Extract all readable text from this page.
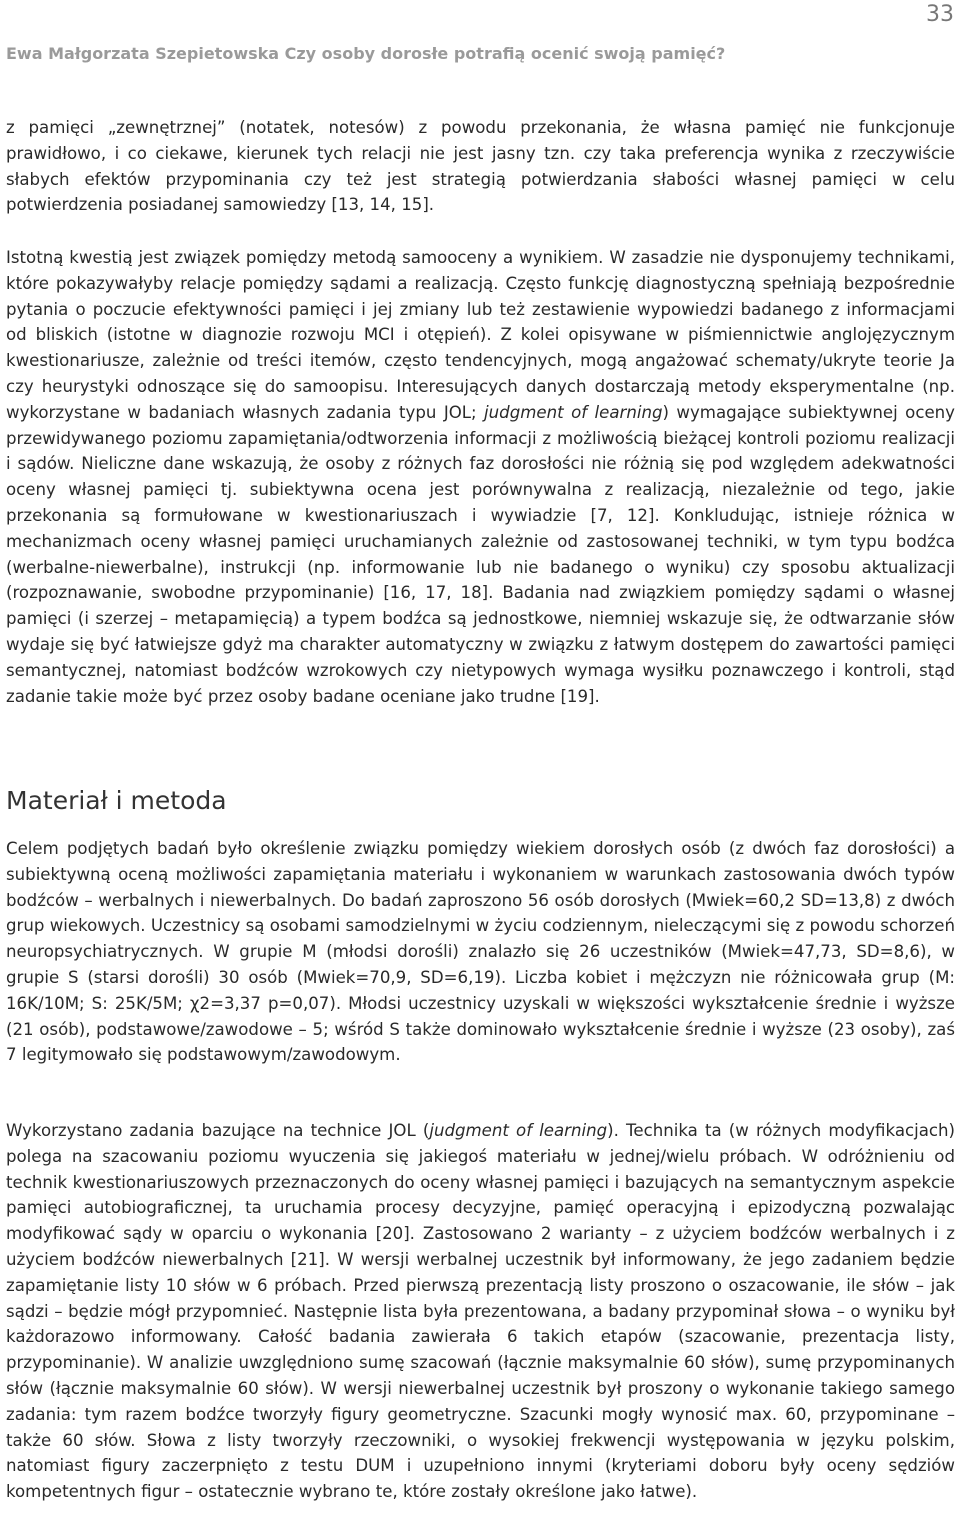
33
Ewa Małgorzata Szepietowska Czy osoby dorosłe potrafią ocenić swoją pamięć?

z pamięci „zewnętrznej” (notatek, notesów) z powodu przekonania, że własna pamięć nie funkcjonuje prawidłowo, i co ciekawe, kierunek tych relacji nie jest jasny tzn. czy taka preferencja wynika z rzeczywiście słabych efektów przypominania czy też jest strategią potwierdzania słabości własnej pamięci w celu potwierdzenia posiadanej samowiedzy [13, 14, 15].

Istotną kwestią jest związek pomiędzy metodą samooceny a wynikiem. W zasadzie nie dysponujemy technikami, które pokazywałyby relacje pomiędzy sądami a realizacją. Często funkcję diagnostyczną spełniają bezpośrednie pytania o poczucie efektywności pamięci i jej zmiany lub też zestawienie wypowiedzi badanego z informacjami od bliskich (istotne w diagnozie rozwoju MCI i otępień). Z kolei opisywane w piśmiennictwie anglojęzycznym kwestionariusze, zależnie od treści itemów, często tendencyjnych, mogą angażować schematy/ukryte teorie Ja czy heurystyki odnoszące się do samoopisu. Interesujących danych dostarczają metody eksperymentalne (np. wykorzystane w badaniach własnych zadania typu JOL; judgment of learning) wymagające subiektywnej oceny przewidywanego poziomu zapamiętania/odtworzenia informacji z możliwością bieżącej kontroli poziomu realizacji i sądów. Nieliczne dane wskazują, że osoby z różnych faz dorosłości nie różnią się pod względem adekwatności oceny własnej pamięci tj. subiektywna ocena jest porównywalna z realizacją, niezależnie od tego, jakie przekonania są formułowane w kwestionariuszach i wywiadzie [7, 12]. Konkludując, istnieje różnica w mechanizmach oceny własnej pamięci uruchamianych zależnie od zastosowanej techniki, w tym typu bodźca (werbalne-niewerbalne), instrukcji (np. informowanie lub nie badanego o wyniku) czy sposobu aktualizacji (rozpoznawanie, swobodne przypominanie) [16, 17, 18]. Badania nad związkiem pomiędzy sądami o własnej pamięci (i szerzej – metapamięcią) a typem bodźca są jednostkowe, niemniej wskazuje się, że odtwarzanie słów wydaje się być łatwiejsze gdyż ma charakter automatyczny w związku z łatwym dostępem do zawartości pamięci semantycznej, natomiast bodźców wzrokowych czy nietypowych wymaga wysiłku poznawczego i kontroli, stąd zadanie takie może być przez osoby badane oceniane jako trudne [19].

Materiał i metoda

Celem podjętych badań było określenie związku pomiędzy wiekiem dorosłych osób (z dwóch faz dorosłości) a subiektywną oceną możliwości zapamiętania materiału i wykonaniem w warunkach zastosowania dwóch typów bodźców – werbalnych i niewerbalnych. Do badań zaproszono 56 osób dorosłych (Mwiek=60,2 SD=13,8) z dwóch grup wiekowych. Uczestnicy są osobami samodzielnymi w życiu codziennym, nieleczącymi się z powodu schorzeń neuropsychiatrycznych. W grupie M (młodsi dorośli) znalazło się 26 uczestników (Mwiek=47,73, SD=8,6), w grupie S (starsi dorośli) 30 osób (Mwiek=70,9, SD=6,19). Liczba kobiet i mężczyzn nie różnicowała grup (M: 16K/10M; S: 25K/5M; χ2=3,37 p=0,07). Młodsi uczestnicy uzyskali w większości wykształcenie średnie i wyższe (21 osób), podstawowe/zawodowe – 5; wśród S także dominowało wykształcenie średnie i wyższe (23 osoby), zaś 7 legitymowało się podstawowym/zawodowym.

Wykorzystano zadania bazujące na technice JOL (judgment of learning). Technika ta (w różnych modyfikacjach) polega na szacowaniu poziomu wyuczenia się jakiegoś materiału w jednej/wielu próbach. W odróżnieniu od technik kwestionariuszowych przeznaczonych do oceny własnej pamięci i bazujących na semantycznym aspekcie pamięci autobiograficznej, ta uruchamia procesy decyzyjne, pamięć operacyjną i epizodyczną pozwalając modyfikować sądy w oparciu o wykonania [20]. Zastosowano 2 warianty – z użyciem bodźców werbalnych i z użyciem bodźców niewerbalnych [21]. W wersji werbalnej uczestnik był informowany, że jego zadaniem będzie zapamiętanie listy 10 słów w 6 próbach. Przed pierwszą prezentacją listy proszono o oszacowanie, ile słów – jak sądzi – będzie mógł przypomnieć. Następnie lista była prezentowana, a badany przypominał słowa – o wyniku był każdorazowo informowany. Całość badania zawierała 6 takich etapów (szacowanie, prezentacja listy, przypominanie). W analizie uwzględniono sumę szacowań (łącznie maksymalnie 60 słów), sumę przypominanych słów (łącznie maksymalnie 60 słów). W wersji niewerbalnej uczestnik był proszony o wykonanie takiego samego zadania: tym razem bodźce tworzyły figury geometryczne. Szacunki mogły wynosić max. 60, przypominane – także 60 słów. Słowa z listy tworzyły rzeczowniki, o wysokiej frekwencji występowania w języku polskim, natomiast figury zaczerpnięto z testu DUM i uzupełniono innymi (kryteriami doboru były oceny sędziów kompetentnych figur – ostatecznie wybrano te, które zostały określone jako łatwe).
